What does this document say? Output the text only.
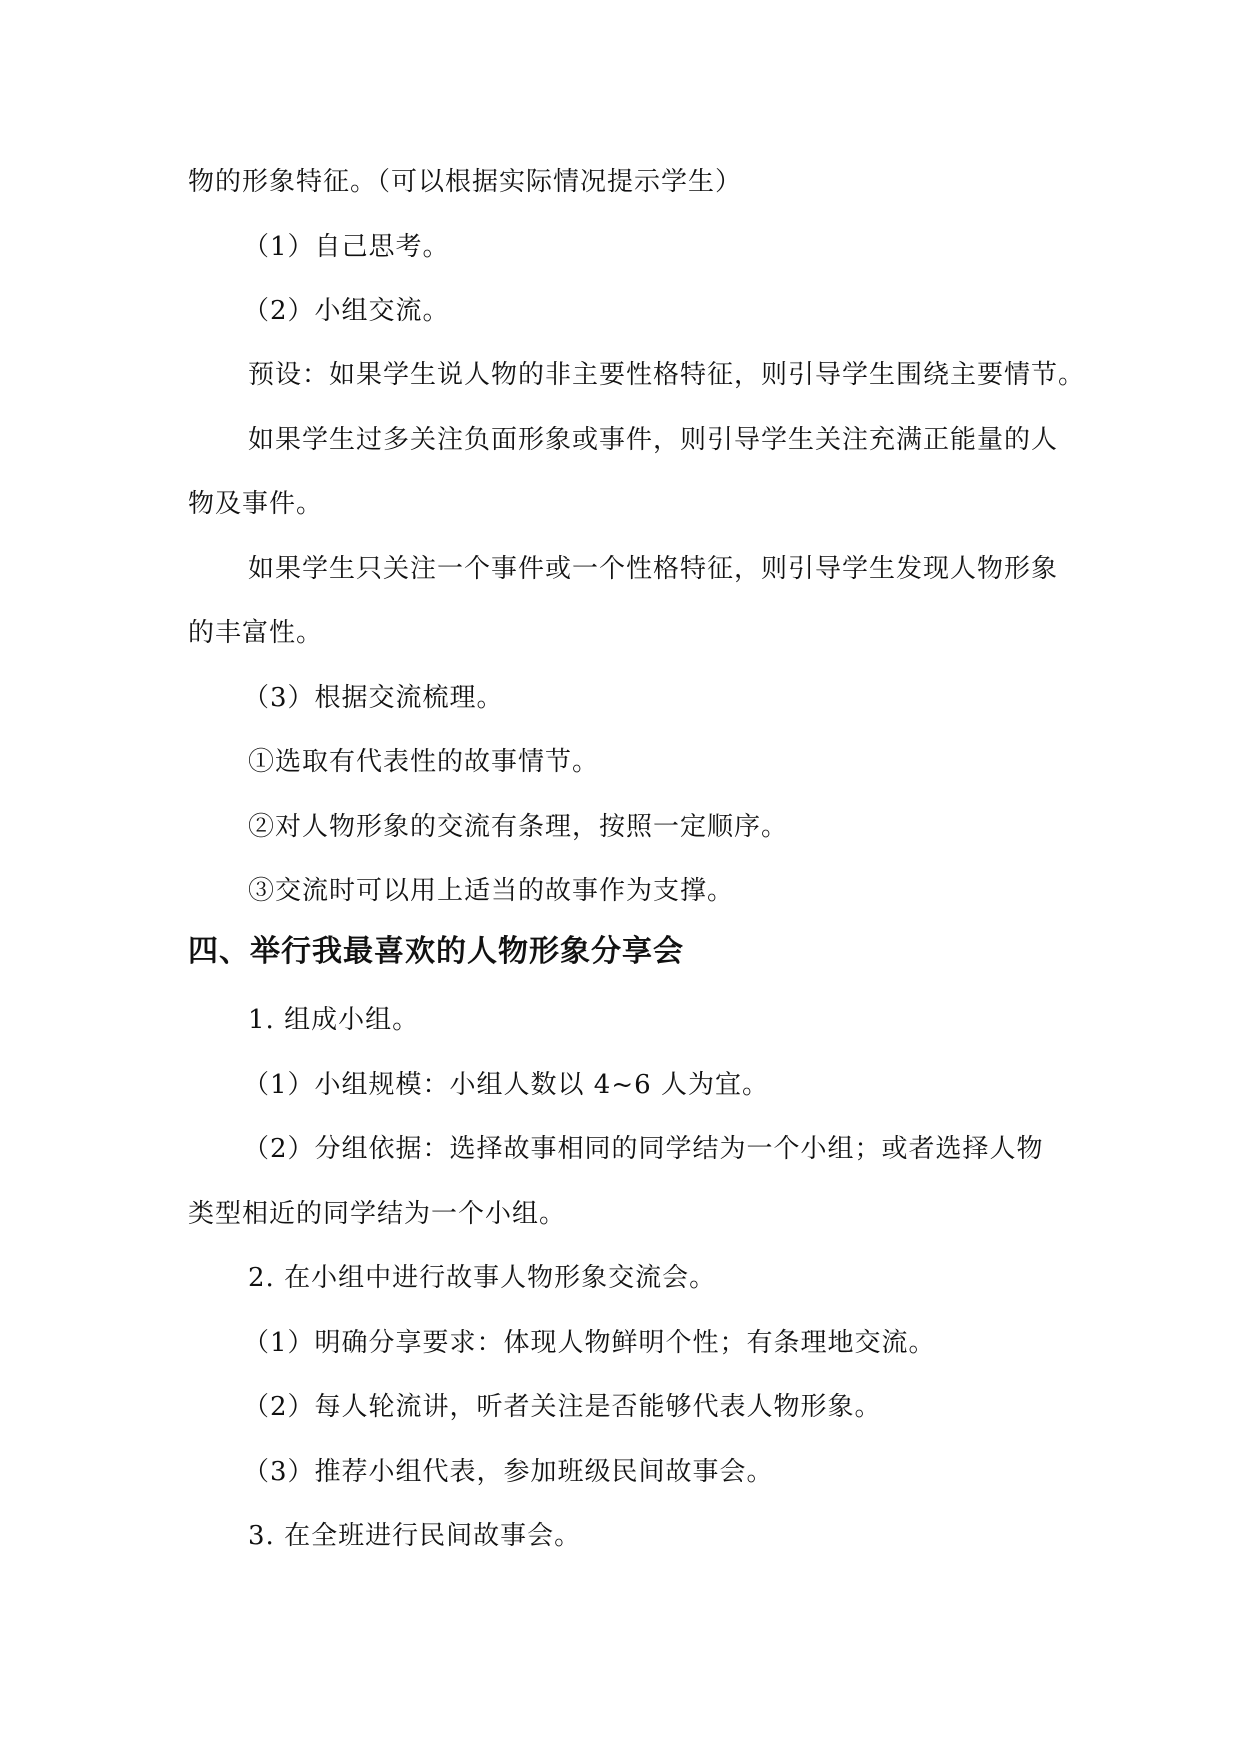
物的形象特征。（可以根据实际情况提示学生）
（1）自己思考。
（2）小组交流。
预设：如果学生说人物的非主要性格特征，则引导学生围绕主要情节。
如果学生过多关注负面形象或事件，则引导学生关注充满正能量的人
物及事件。
如果学生只关注一个事件或一个性格特征，则引导学生发现人物形象
的丰富性。
（3）根据交流梳理。
①选取有代表性的故事情节。
②对人物形象的交流有条理，按照一定顺序。
③交流时可以用上适当的故事作为支撑。
四、举行我最喜欢的人物形象分享会
1. 组成小组。
（1）小组规模：小组人数以 4~6 人为宜。
（2）分组依据：选择故事相同的同学结为一个小组；或者选择人物
类型相近的同学结为一个小组。
2. 在小组中进行故事人物形象交流会。
（1）明确分享要求：体现人物鲜明个性；有条理地交流。
（2）每人轮流讲，听者关注是否能够代表人物形象。
（3）推荐小组代表，参加班级民间故事会。
3. 在全班进行民间故事会。
